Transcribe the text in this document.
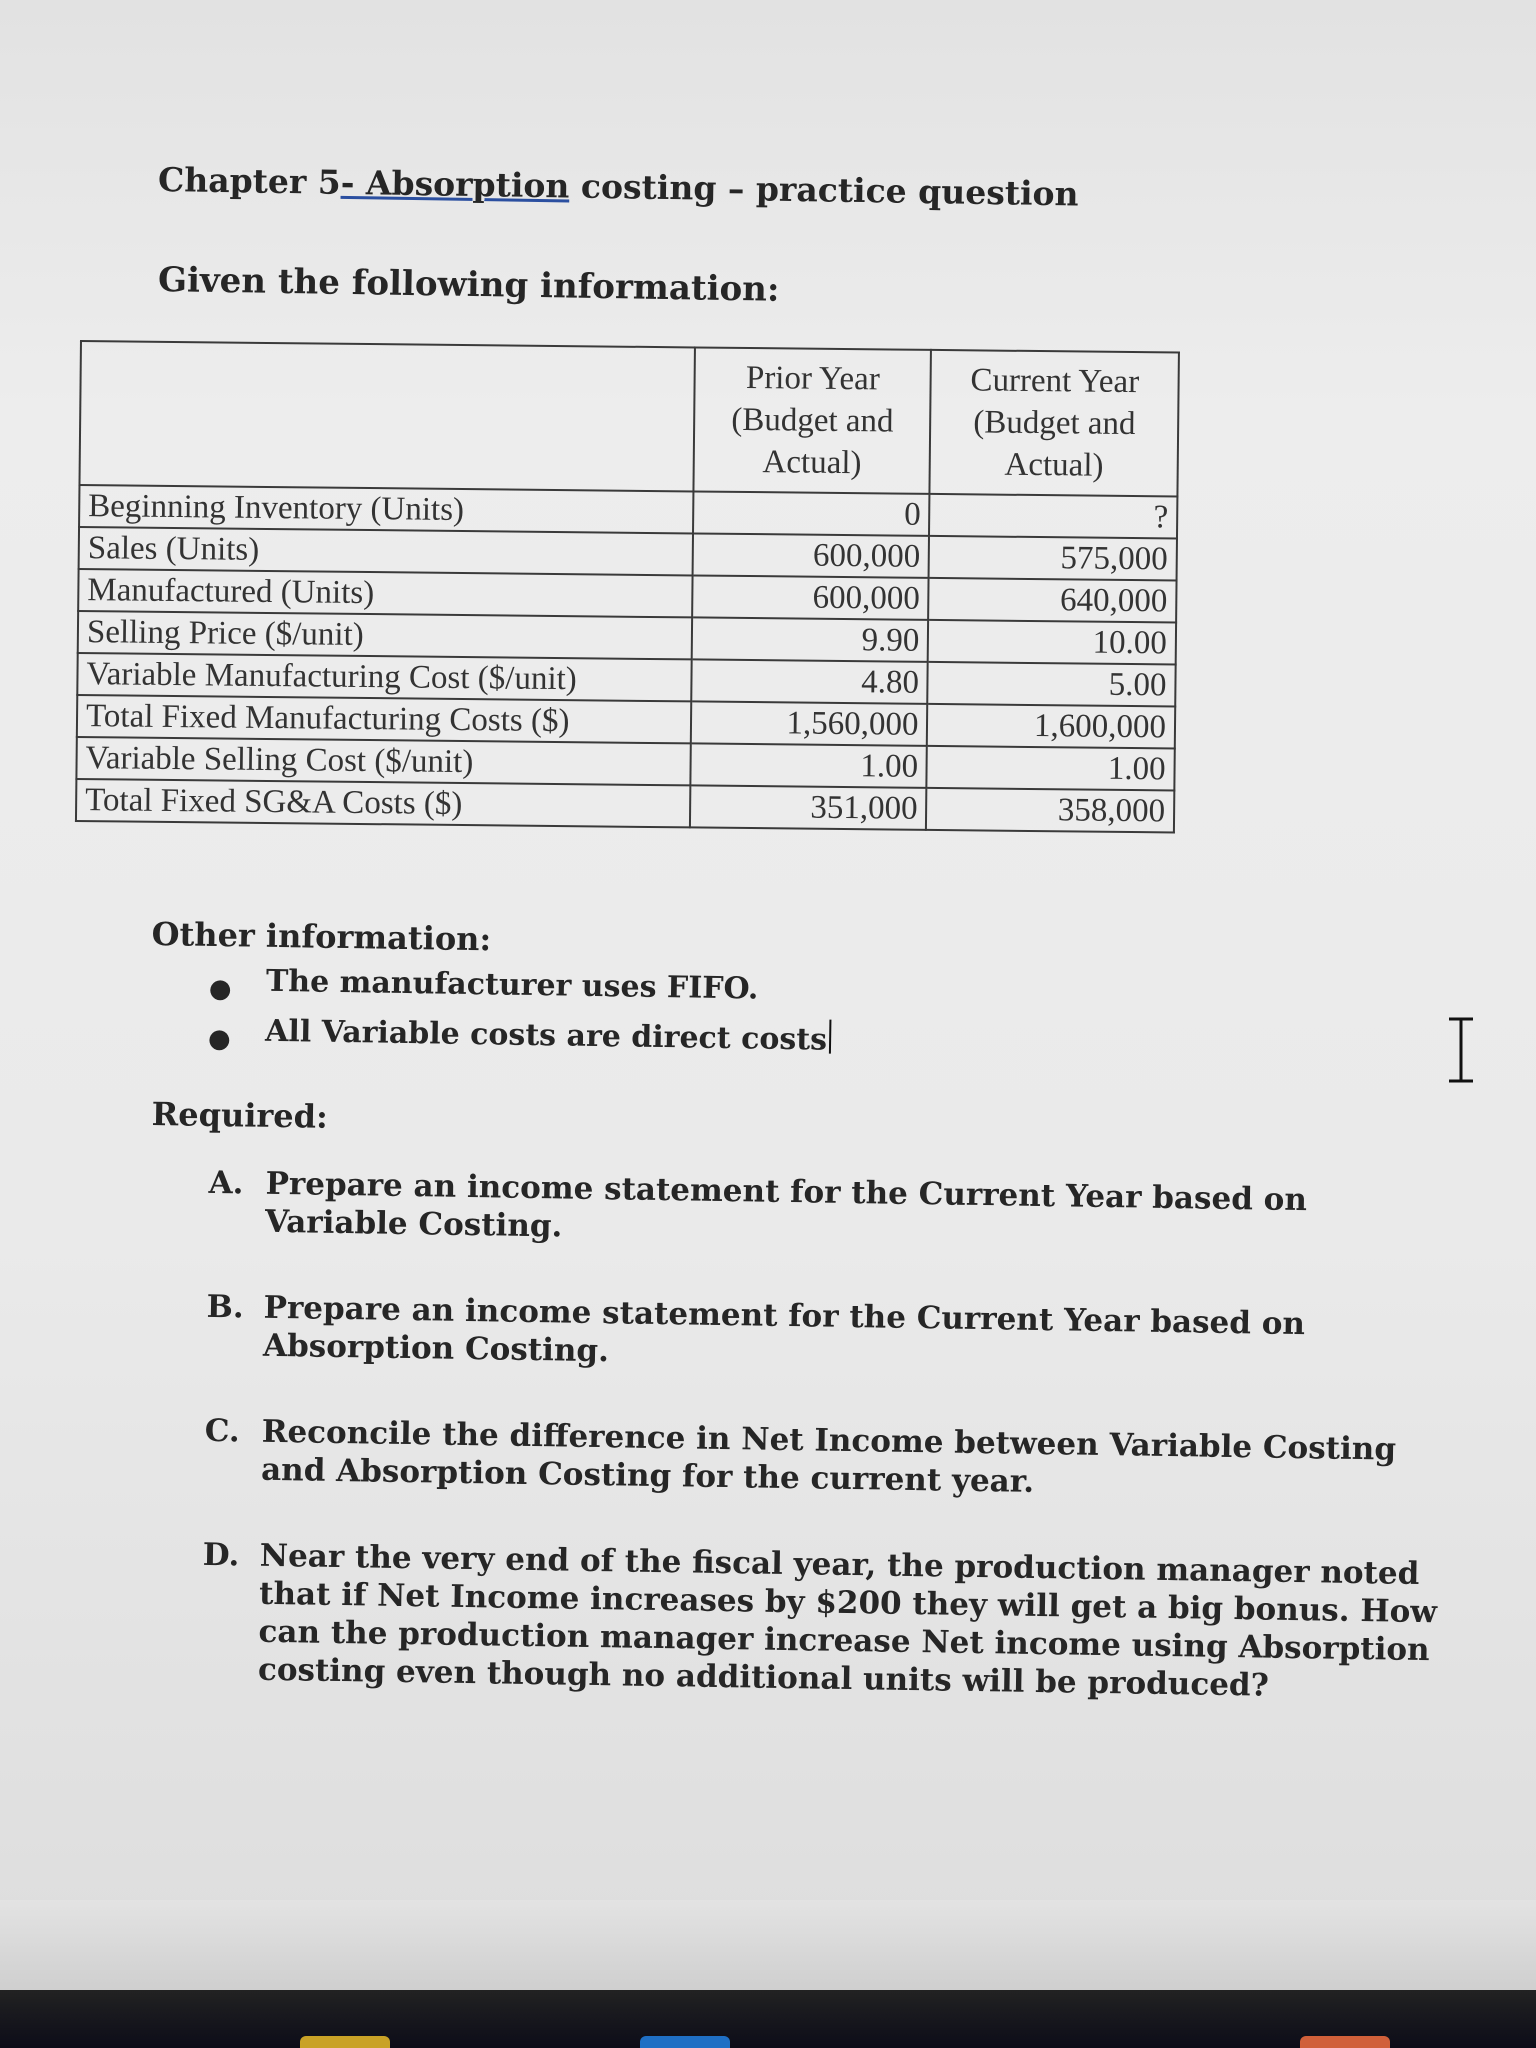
Chapter 5- Absorption costing – practice question
Given the following information:
	Prior Year (Budget and Actual)	Current Year (Budget and Actual)
Beginning Inventory (Units)	0	?
Sales (Units)	600,000	575,000
Manufactured (Units)	600,000	640,000
Selling Price ($/unit)	9.90	10.00
Variable Manufacturing Cost ($/unit)	4.80	5.00
Total Fixed Manufacturing Costs ($)	1,560,000	1,600,000
Variable Selling Cost ($/unit)	1.00	1.00
Total Fixed SG&A Costs ($)	351,000	358,000
Other information:
● The manufacturer uses FIFO.
● All Variable costs are direct costs
Required:
A. Prepare an income statement for the Current Year based on Variable Costing.
B. Prepare an income statement for the Current Year based on Absorption Costing.
C. Reconcile the difference in Net Income between Variable Costing and Absorption Costing for the current year.
D. Near the very end of the fiscal year, the production manager noted that if Net Income increases by $200 they will get a big bonus. How can the production manager increase Net income using Absorption costing even though no additional units will be produced?
